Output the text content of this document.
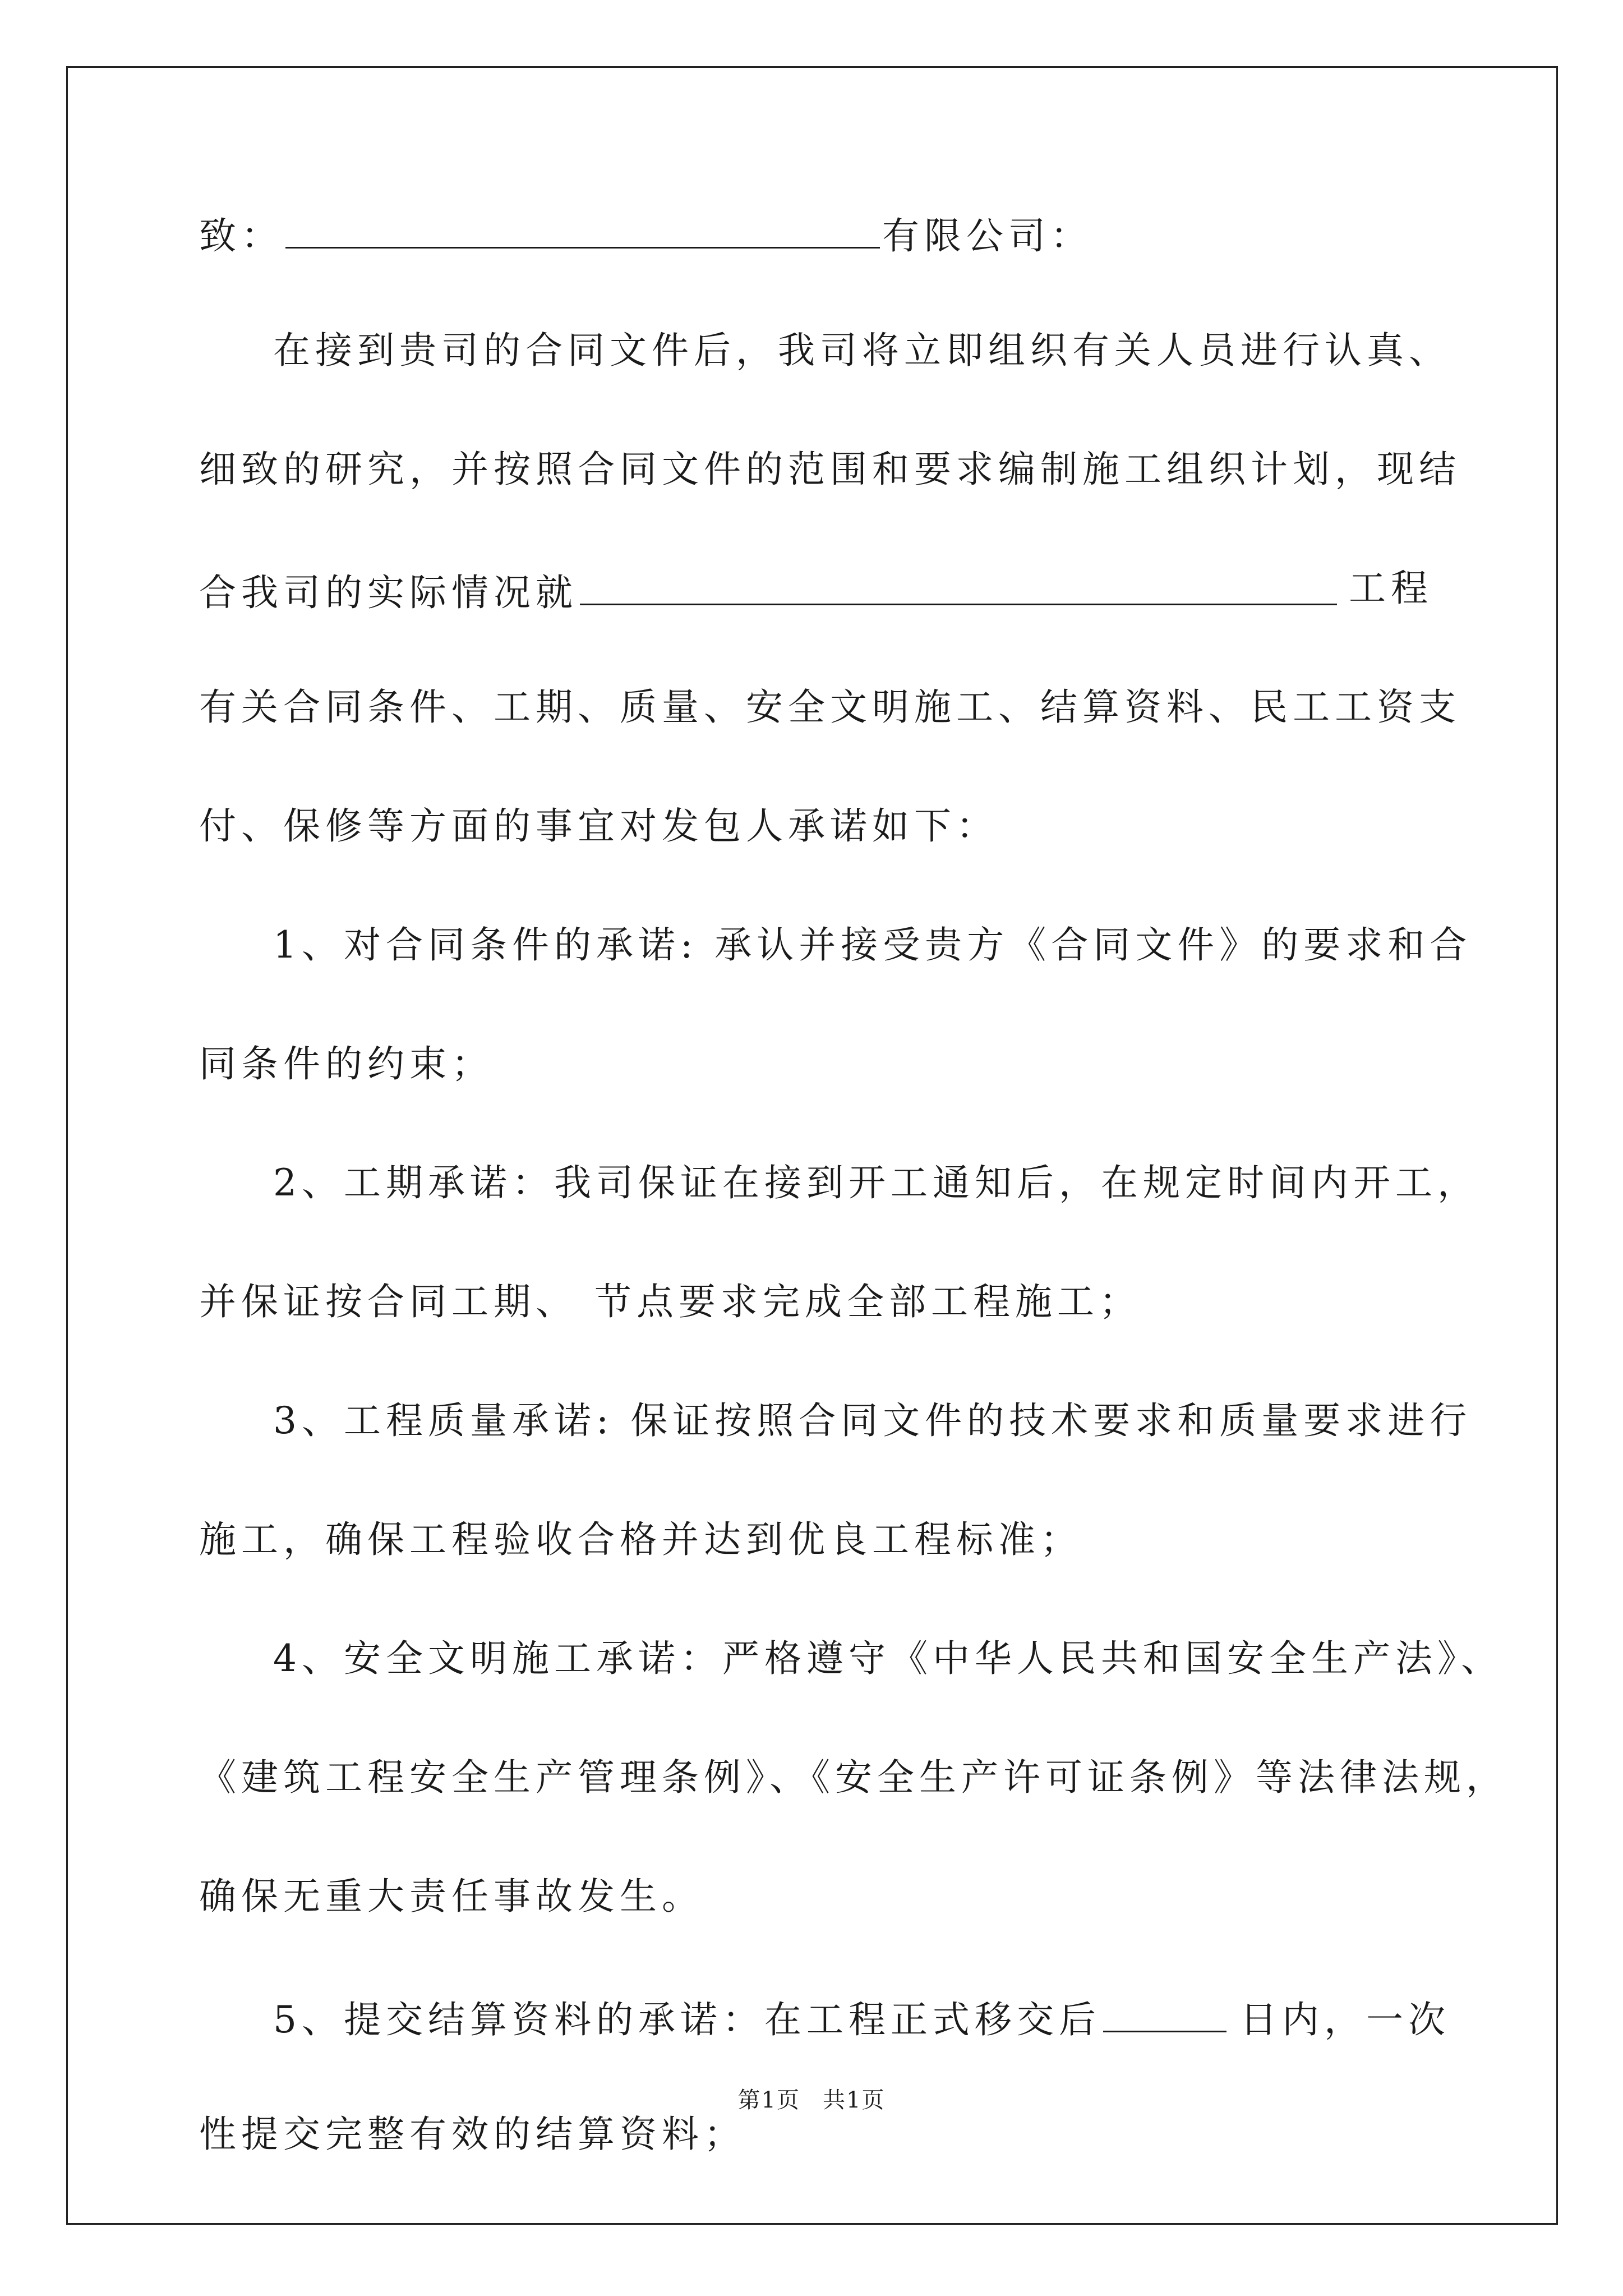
致：	有限公司：
在接到贵司的合同文件后，我司将立即组织有关人员进行认真、
细致的研究，并按照合同文件的范围和要求编制施工组织计划，现结
合我司的实际情况就	工程
有关合同条件、工期、质量、安全文明施工、结算资料、民工工资支
付、保修等方面的事宜对发包人承诺如下：
1、对合同条件的承诺: 承认并接受贵方《合同文件》的要求和合
同条件的约束；
2、工期承诺：我司保证在接到开工通知后，在规定时间内开工，
并保证按合同工期、 节点要求完成全部工程施工；
3、工程质量承诺: 保证按照合同文件的技术要求和质量要求进行
施工，确保工程验收合格并达到优良工程标准；
4、安全文明施工承诺：严格遵守《中华人民共和国安全生产法》、
《建筑工程安全生产管理条例》、《安全生产许可证条例》等法律法规，
确保无重大责任事故发生。
5、提交结算资料的承诺：在工程正式移交后	日内，一次
性提交完整有效的结算资料；
第1页 共1页
